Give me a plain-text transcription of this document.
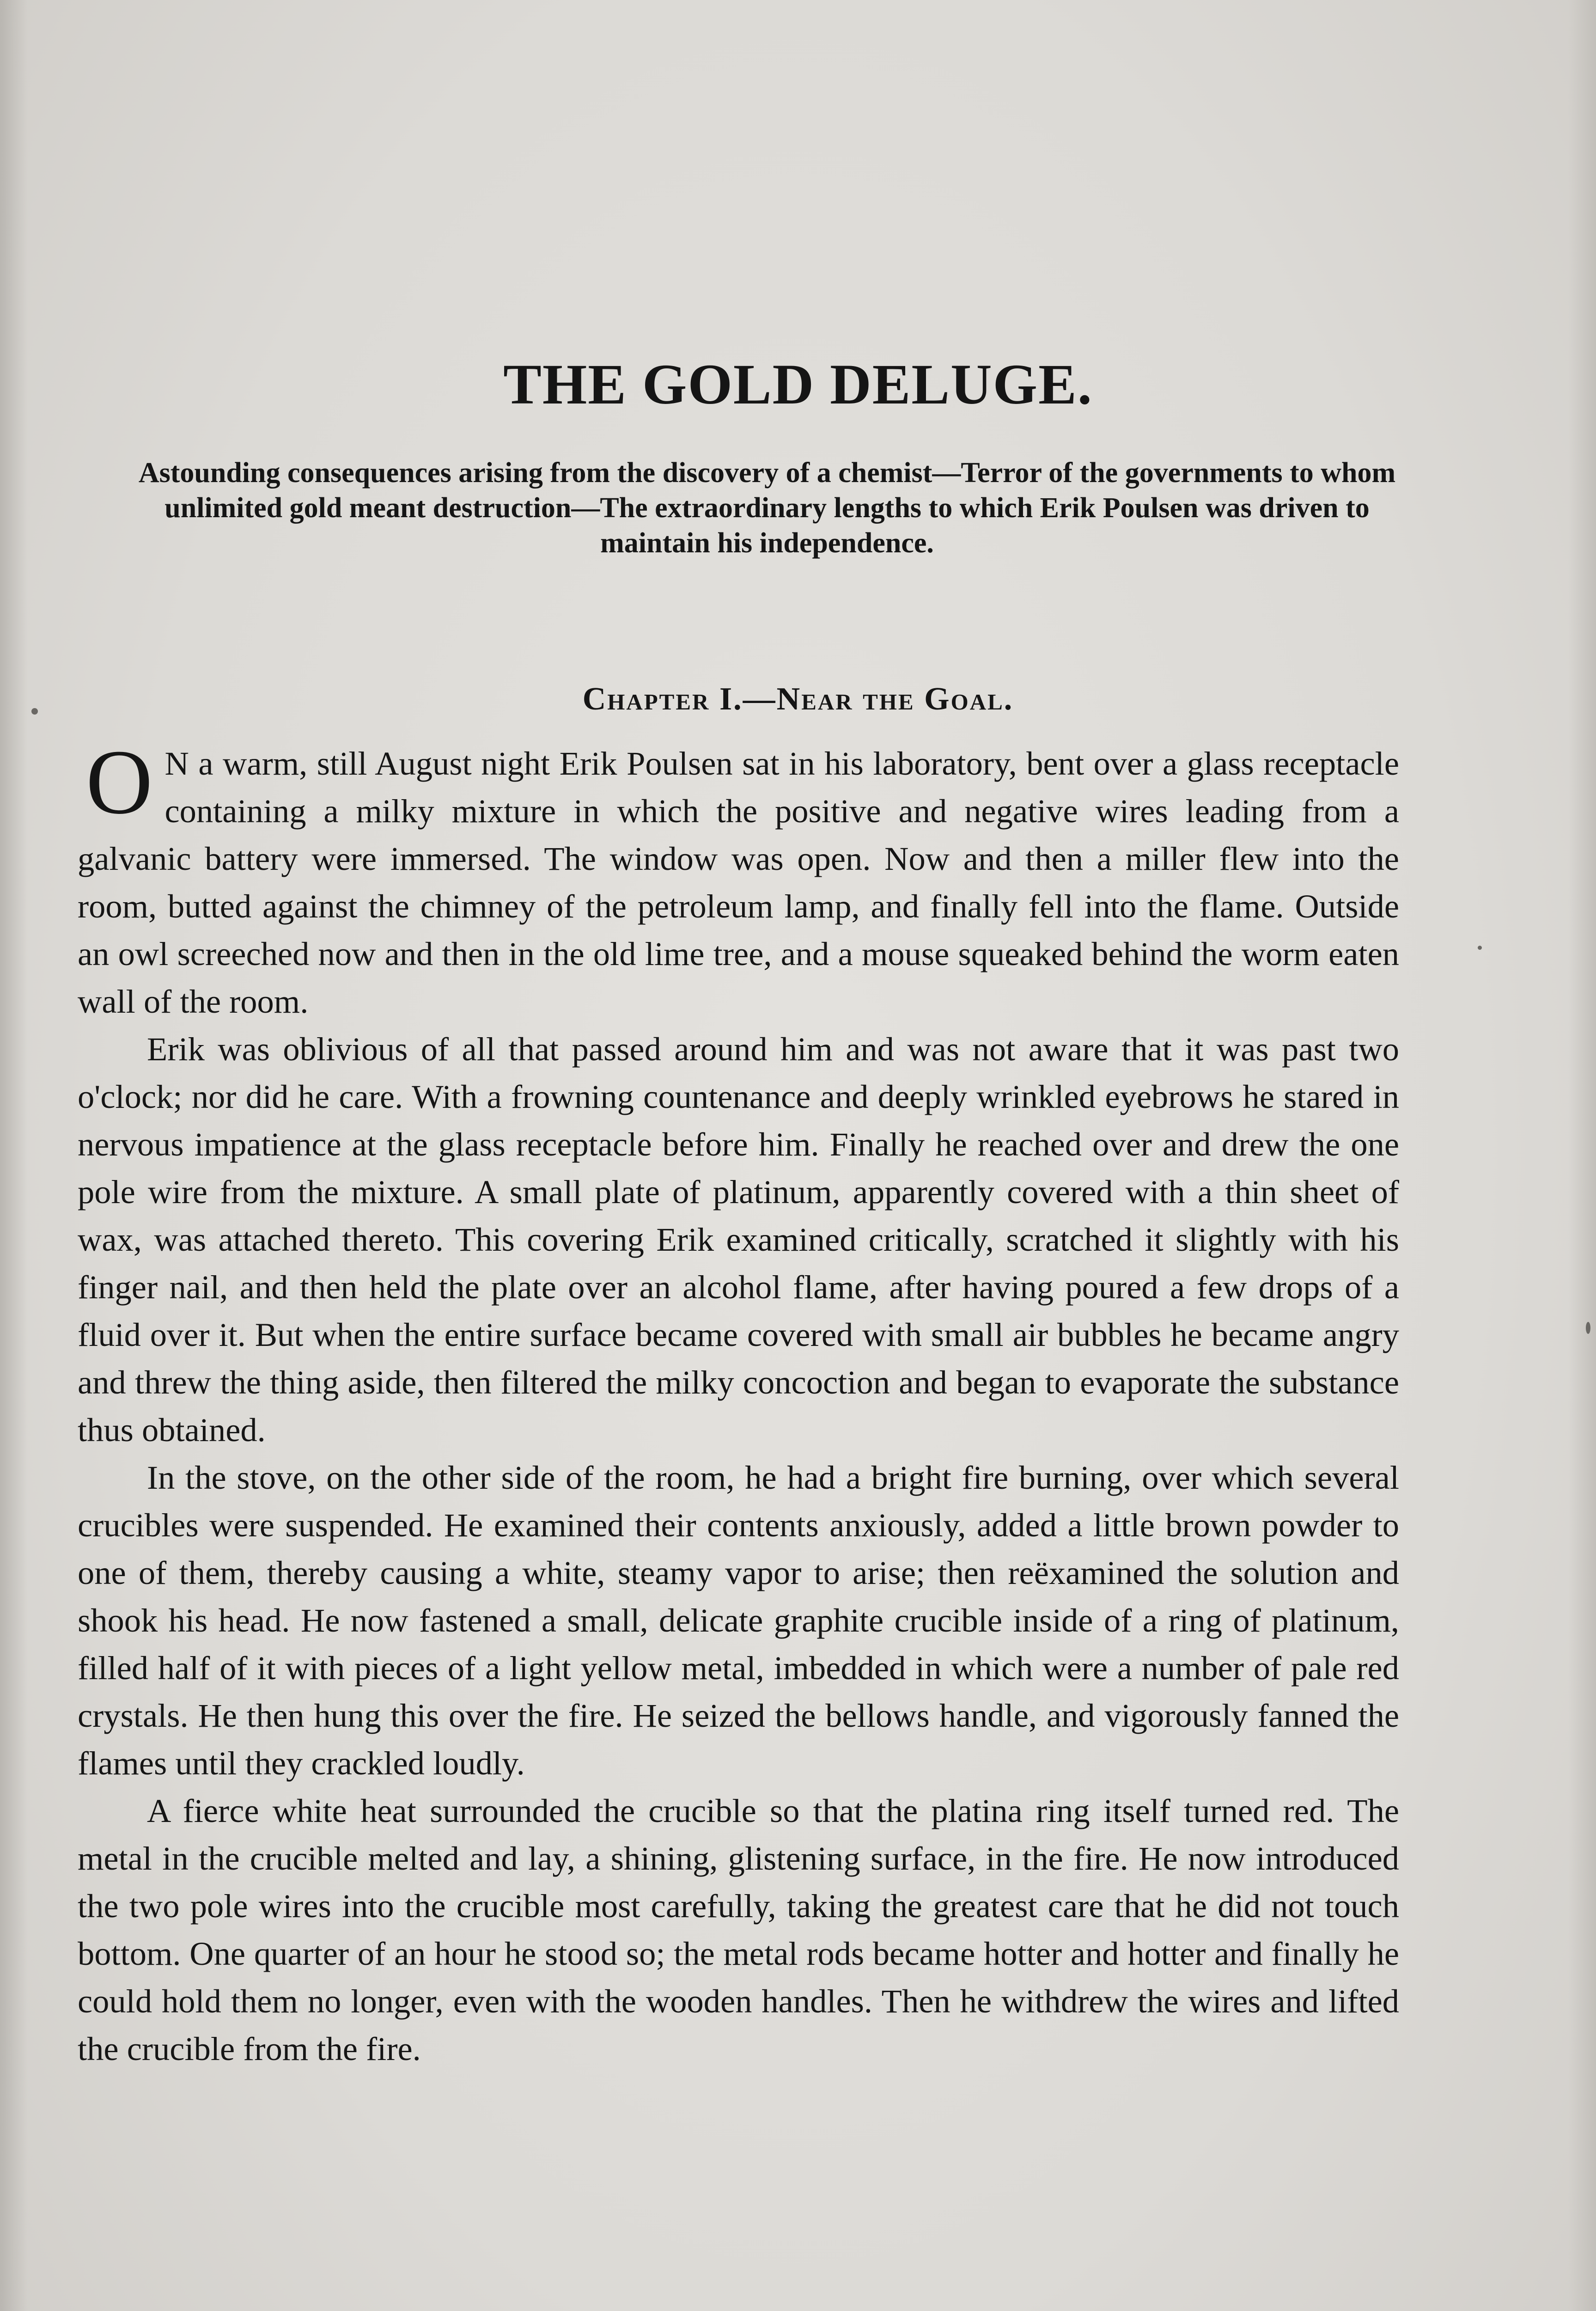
THE GOLD DELUGE.

Astounding consequences arising from the discovery of a chemist—Terror of the governments to whom unlimited gold meant destruction—The extraordinary lengths to which Erik Poulsen was driven to maintain his independence.

Chapter I.—Near the Goal.

O N a warm, still August night Erik Poulsen sat in his laboratory, bent over a glass receptacle containing a milky mixture in which the positive and negative wires leading from a galvanic battery were immersed. The window was open. Now and then a miller flew into the room, butted against the chimney of the petroleum lamp, and finally fell into the flame. Outside an owl screeched now and then in the old lime tree, and a mouse squeaked behind the worm eaten wall of the room.

Erik was oblivious of all that passed around him and was not aware that it was past two o'clock; nor did he care. With a frowning countenance and deeply wrinkled eyebrows he stared in nervous impatience at the glass receptacle before him. Finally he reached over and drew the one pole wire from the mixture. A small plate of platinum, apparently covered with a thin sheet of wax, was attached thereto. This covering Erik examined critically, scratched it slightly with his finger nail, and then held the plate over an alcohol flame, after having poured a few drops of a fluid over it. But when the entire surface became covered with small air bubbles he became angry and threw the thing aside, then filtered the milky concoction and began to evaporate the substance thus obtained.

In the stove, on the other side of the room, he had a bright fire burning, over which several crucibles were suspended. He examined their contents anxiously, added a little brown powder to one of them, thereby causing a white, steamy vapor to arise; then reëxamined the solution and shook his head. He now fastened a small, delicate graphite crucible inside of a ring of platinum, filled half of it with pieces of a light yellow metal, imbedded in which were a number of pale red crystals. He then hung this over the fire. He seized the bellows handle, and vigorously fanned the flames until they crackled loudly.

A fierce white heat surrounded the crucible so that the platina ring itself turned red. The metal in the crucible melted and lay, a shining, glistening surface, in the fire. He now introduced the two pole wires into the crucible most carefully, taking the greatest care that he did not touch bottom. One quarter of an hour he stood so; the metal rods became hotter and hotter and finally he could hold them no longer, even with the wooden handles. Then he withdrew the wires and lifted the crucible from the fire.
